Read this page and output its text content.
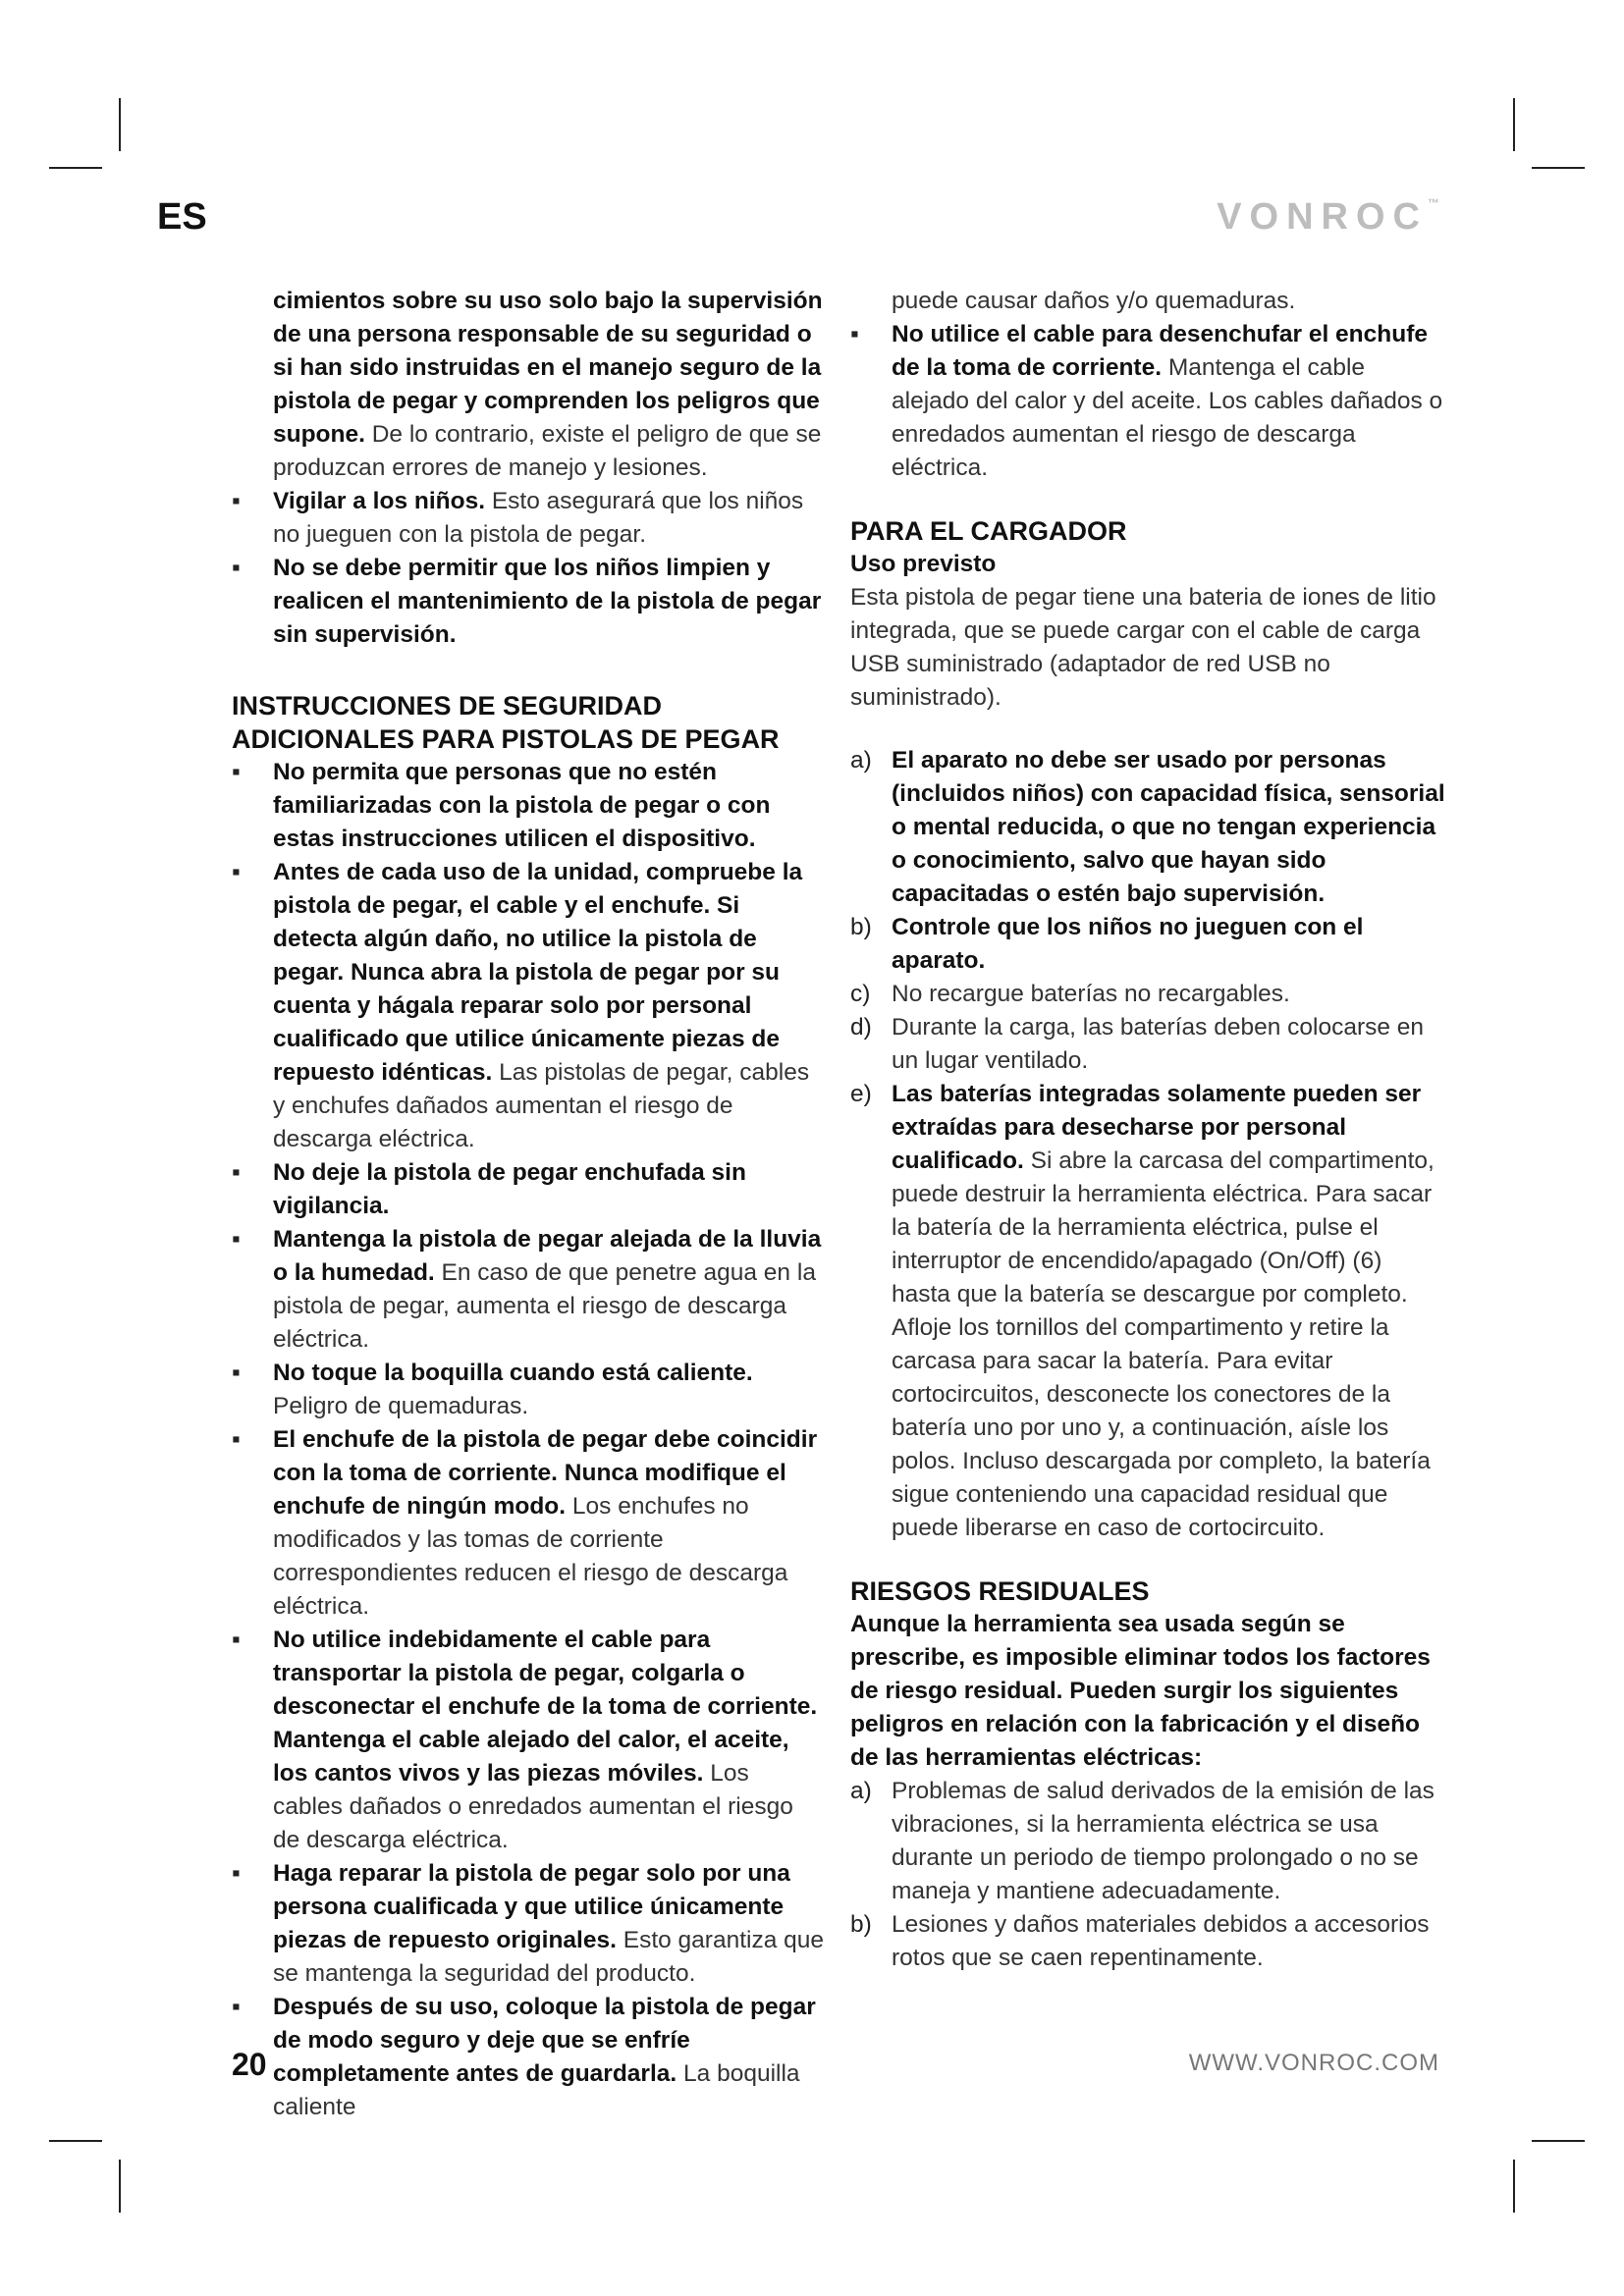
ES	VONROC™

cimientos sobre su uso solo bajo la supervisión de una persona responsable de su seguridad o si han sido instruidas en el manejo seguro de la pistola de pegar y comprenden los peligros que supone. De lo contrario, existe el peligro de que se produzcan errores de manejo y lesiones.

▪	Vigilar a los niños. Esto asegurará que los niños no jueguen con la pistola de pegar.
▪	No se debe permitir que los niños limpien y realicen el mantenimiento de la pistola de pegar sin supervisión.

INSTRUCCIONES DE SEGURIDAD ADICIONALES PARA PISTOLAS DE PEGAR

▪	No permita que personas que no estén familiarizadas con la pistola de pegar o con estas instrucciones utilicen el dispositivo.
▪	Antes de cada uso de la unidad, compruebe la pistola de pegar, el cable y el enchufe. Si detecta algún daño, no utilice la pistola de pegar. Nunca abra la pistola de pegar por su cuenta y hágala reparar solo por personal cualificado que utilice únicamente piezas de repuesto idénticas. Las pistolas de pegar, cables y enchufes dañados aumentan el riesgo de descarga eléctrica.
▪	No deje la pistola de pegar enchufada sin vigilancia.
▪	Mantenga la pistola de pegar alejada de la lluvia o la humedad. En caso de que penetre agua en la pistola de pegar, aumenta el riesgo de descarga eléctrica.
▪	No toque la boquilla cuando está caliente. Peligro de quemaduras.
▪	El enchufe de la pistola de pegar debe coincidir con la toma de corriente. Nunca modifique el enchufe de ningún modo. Los enchufes no modificados y las tomas de corriente correspondientes reducen el riesgo de descarga eléctrica.
▪	No utilice indebidamente el cable para transportar la pistola de pegar, colgarla o desconectar el enchufe de la toma de corriente. Mantenga el cable alejado del calor, el aceite, los cantos vivos y las piezas móviles. Los cables dañados o enredados aumentan el riesgo de descarga eléctrica.
▪	Haga reparar la pistola de pegar solo por una persona cualificada y que utilice únicamente piezas de repuesto originales. Esto garantiza que se mantenga la seguridad del producto.
▪	Después de su uso, coloque la pistola de pegar de modo seguro y deje que se enfríe completamente antes de guardarla. La boquilla caliente

puede causar daños y/o quemaduras.

▪	No utilice el cable para desenchufar el enchufe de la toma de corriente. Mantenga el cable alejado del calor y del aceite. Los cables dañados o enredados aumentan el riesgo de descarga eléctrica.

PARA EL CARGADOR

Uso previsto

Esta pistola de pegar tiene una bateria de iones de litio integrada, que se puede cargar con el cable de carga USB suministrado (adaptador de red USB no suministrado).

a) El aparato no debe ser usado por personas (incluidos niños) con capacidad física, sensorial o mental reducida, o que no tengan experiencia o conocimiento, salvo que hayan sido capacitadas o estén bajo supervisión.
b) Controle que los niños no jueguen con el aparato.
c) No recargue baterías no recargables.
d) Durante la carga, las baterías deben colocarse en un lugar ventilado.
e) Las baterías integradas solamente pueden ser extraídas para desecharse por personal cualificado. Si abre la carcasa del compartimento, puede destruir la herramienta eléctrica. Para sacar la batería de la herramienta eléctrica, pulse el interruptor de encendido/apagado (On/Off) (6) hasta que la batería se descargue por completo. Afloje los tornillos del compartimento y retire la carcasa para sacar la batería. Para evitar cortocircuitos, desconecte los conectores de la batería uno por uno y, a continuación, aísle los polos. Incluso descargada por completo, la batería sigue conteniendo una capacidad residual que puede liberarse en caso de cortocircuito.

RIESGOS RESIDUALES

Aunque la herramienta sea usada según se prescribe, es imposible eliminar todos los factores de riesgo residual. Pueden surgir los siguientes peligros en relación con la fabricación y el diseño de las herramientas eléctricas:

a) Problemas de salud derivados de la emisión de las vibraciones, si la herramienta eléctrica se usa durante un periodo de tiempo prolongado o no se maneja y mantiene adecuadamente.
b) Lesiones y daños materiales debidos a accesorios rotos que se caen repentinamente.
20	WWW.VONROC.COM
